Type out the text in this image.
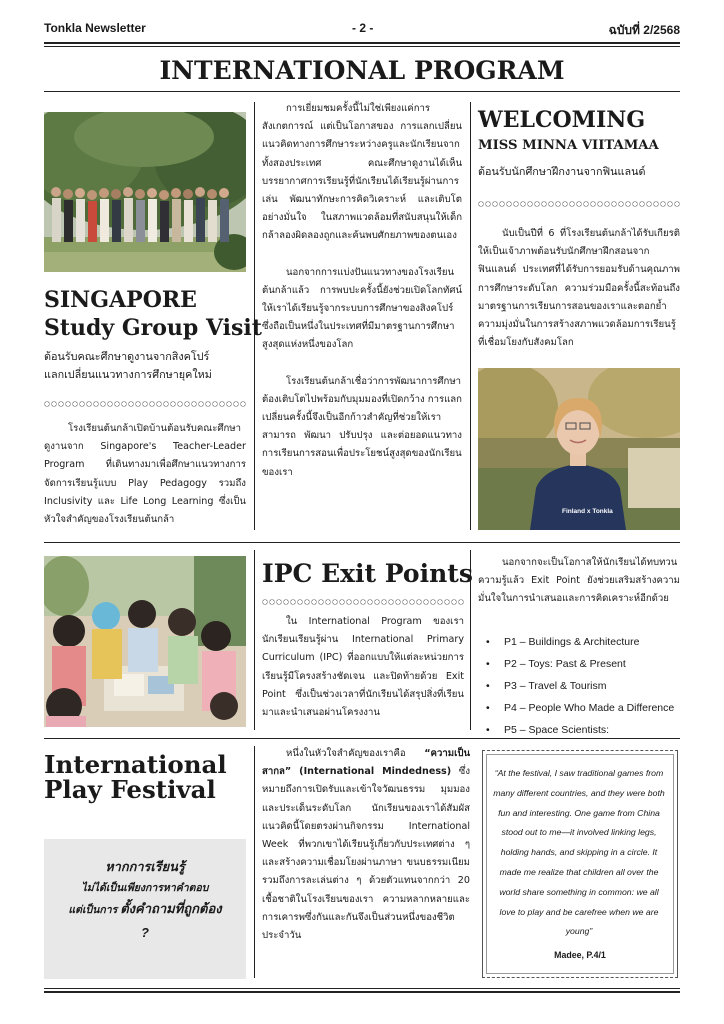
Tonkla Newsletter	- 2 -	ฉบับที่ 2/2568
INTERNATIONAL PROGRAM
SINGAPORE
Study Group Visit
ต้อนรับคณะศึกษาดูงานจากสิงคโปร์
แลกเปลี่ยนแนวทางการศึกษายุคใหม่

โรงเรียนต้นกล้าเปิดบ้านต้อนรับคณะศึกษาดูงานจาก Singapore's Teacher-Leader Program ที่เดินทางมาเพื่อศึกษาแนวทางการจัดการเรียนรู้แบบ Play Pedagogy รวมถึง Inclusivity และ Life Long Learning ซึ่งเป็นหัวใจสำคัญของโรงเรียนต้นกล้า

การเยี่ยมชมครั้งนี้ไม่ใช่เพียงแค่การสังเกตการณ์ แต่เป็นโอกาสของ การแลกเปลี่ยนแนวคิดทางการศึกษาระหว่างครูและนักเรียนจากทั้งสองประเทศ คณะศึกษาดูงานได้เห็นบรรยากาศการเรียนรู้ที่นักเรียนได้เรียนรู้ผ่านการเล่น พัฒนาทักษะการคิดวิเคราะห์ และเติบโตอย่างมั่นใจ ในสภาพแวดล้อมที่สนับสนุนให้เด็กกล้าลองผิดลองถูกและค้นพบศักยภาพของตนเอง

นอกจากการแบ่งปันแนวทางของโรงเรียนต้นกล้าแล้ว การพบปะครั้งนี้ยังช่วยเปิดโลกทัศน์ให้เราได้เรียนรู้จากระบบการศึกษาของสิงคโปร์ ซึ่งถือเป็นหนึ่งในประเทศที่มีมาตรฐานการศึกษาสูงสุดแห่งหนึ่งของโลก

โรงเรียนต้นกล้าเชื่อว่าการพัฒนาการศึกษาต้องเติบโตไปพร้อมกับมุมมองที่เปิดกว้าง การแลกเปลี่ยนครั้งนี้จึงเป็นอีกก้าวสำคัญที่ช่วยให้เราสามารถ พัฒนา ปรับปรุง และต่อยอดแนวทางการเรียนการสอนเพื่อประโยชน์สูงสุดของนักเรียนของเรา

WELCOMING
MISS MINNA VIITAMAA
ต้อนรับนักศึกษาฝึกงานจากฟินแลนด์

นับเป็นปีที่ 6 ที่โรงเรียนต้นกล้าได้รับเกียรติให้เป็นเจ้าภาพต้อนรับนักศึกษาฝึกสอนจากฟินแลนด์ ประเทศที่ได้รับการยอมรับด้านคุณภาพการศึกษาระดับโลก ความร่วมมือครั้งนี้สะท้อนถึงมาตรฐานการเรียนการสอนของเราและตอกย้ำความมุ่งมั่นในการสร้างสภาพแวดล้อมการเรียนรู้ที่เชื่อมโยงกับสังคมโลก

Finland x Tonkla
IPC Exit Points

ใน International Program ของเรา นักเรียนเรียนรู้ผ่าน International Primary Curriculum (IPC) ที่ออกแบบให้แต่ละหน่วยการเรียนรู้มีโครงสร้างชัดเจน และปิดท้ายด้วย Exit Point ซึ่งเป็นช่วงเวลาที่นักเรียนได้สรุปสิ่งที่เรียนมาและนำเสนอผ่านโครงงาน

นอกจากจะเป็นโอกาสให้นักเรียนได้ทบทวนความรู้แล้ว Exit Point ยังช่วยเสริมสร้างความมั่นใจในการนำเสนอและการคิดเคราะห์อีกด้วย

• P1 – Buildings & Architecture
• P2 – Toys: Past & Present
• P3 – Travel & Tourism
• P4 – People Who Made a Difference
• P5 – Space Scientists:
International
Play Festival
หากการเรียนรู้
ไม่ได้เป็นเพียงการหาคำตอบ
แต่เป็นการ ตั้งคำถามที่ถูกต้อง
?

หนึ่งในหัวใจสำคัญของเราคือ “ความเป็นสากล” (International Mindedness) ซึ่งหมายถึงการเปิดรับและเข้าใจวัฒนธรรม มุมมอง และประเด็นระดับโลก นักเรียนของเราได้สัมผัสแนวคิดนี้โดยตรงผ่านกิจกรรม International Week ที่พวกเขาได้เรียนรู้เกี่ยวกับประเทศต่าง ๆ และสร้างความเชื่อมโยงผ่านภาษา ขนบธรรมเนียม รวมถึงการละเล่นต่าง ๆ ด้วยตัวแทนจากกว่า 20 เชื้อชาติในโรงเรียนของเรา ความหลากหลายและการเคารพซึ่งกันและกันจึงเป็นส่วนหนึ่งของชีวิตประจำวัน

“At the festival, I saw traditional games from many different countries, and they were both fun and interesting. One game from China stood out to me—it involved linking legs, holding hands, and skipping in a circle. It made me realize that children all over the world share something in common: we all love to play and be carefree when we are young”
Madee, P.4/1
